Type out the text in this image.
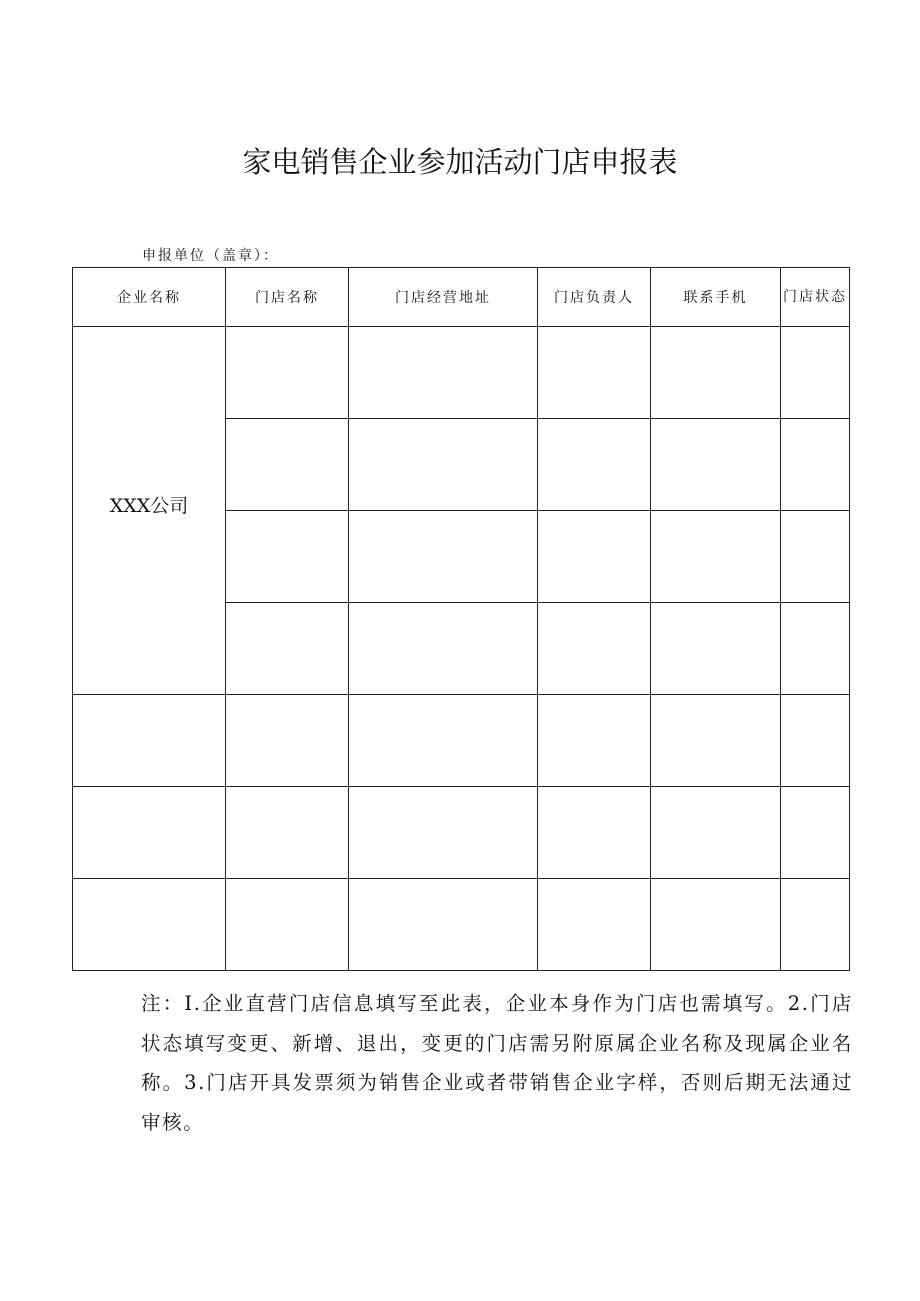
家电销售企业参加活动门店申报表
申报单位（盖章）：
企业名称	门店名称	门店经营地址	门店负责人	联系手机	门店状态
XXX公司					

注：I.企业直营门店信息填写至此表，企业本身作为门店也需填写。2.门店状态填写变更、新增、退出，变更的门店需另附原属企业名称及现属企业名称。3.门店开具发票须为销售企业或者带销售企业字样，否则后期无法通过审核。
